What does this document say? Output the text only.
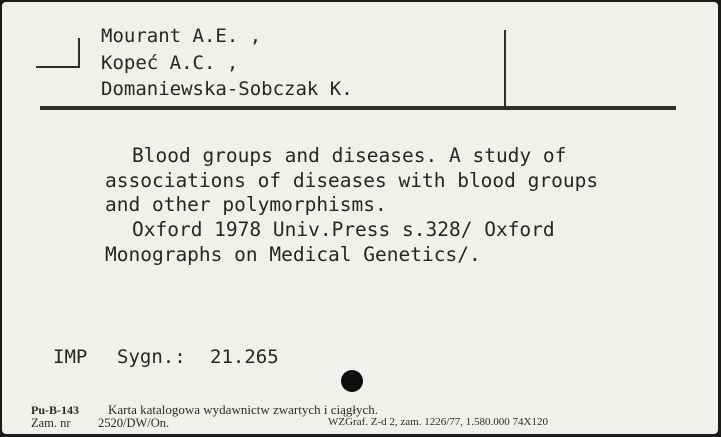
Mourant A.E. ,
Kopeć A.C. ,
Domaniewska-Sobczak K.
Blood groups and diseases. A study of
associations of diseases with blood groups
and other polymorphisms.
Oxford 1978 Univ.Press s.328/ Oxford
Monographs on Medical Genetics/.
IMP Sygn.: 21.265
Pu-B-143 Karta katalogowa wydawnictw zwartych i ciągłych.
Zam. nr 2520/DW/On.	WZGraf. Z-d 2, zam. 1226/77, 1.580.000 74X120
